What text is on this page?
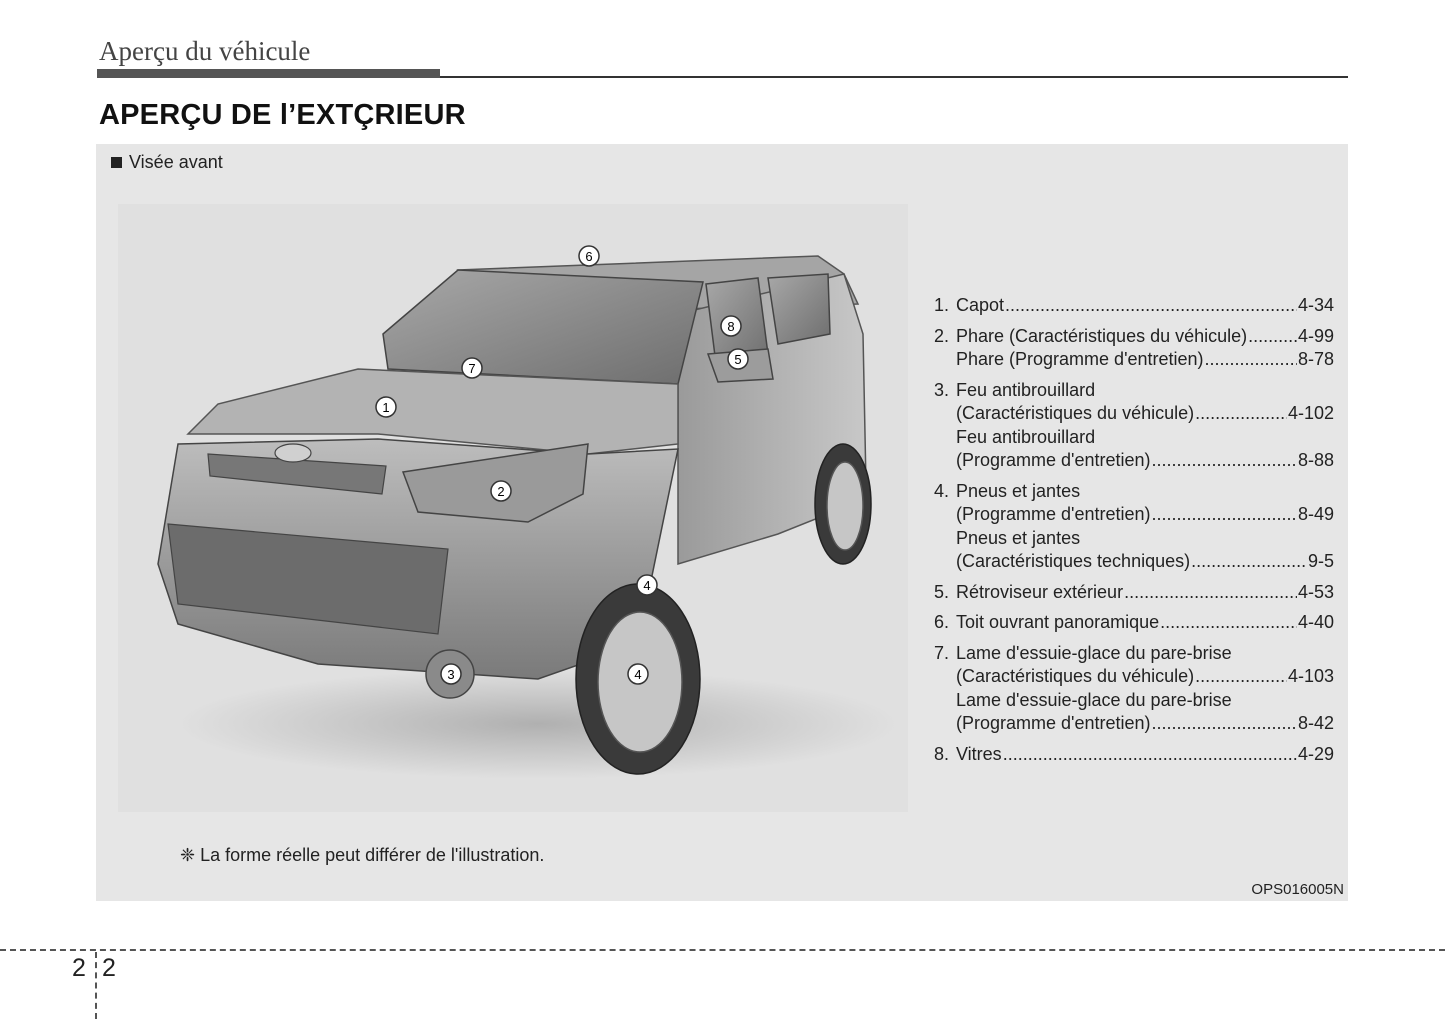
Aperçu du véhicule
APERÇU DE l’EXTÇRIEUR
Visée avant
1
2
3
4
4
5
6
7
8
1. Capot .....	4-34
2. Phare (Caractéristiques du véhicule) .....	4-99
Phare (Programme d'entretien) .....	8-78
3. Feu antibrouillard
(Caractéristiques du véhicule) .....	4-102
Feu antibrouillard
(Programme d'entretien) .....	8-88
4. Pneus et jantes
(Programme d'entretien) .....	8-49
Pneus et jantes
(Caractéristiques techniques) .....	9-5
5. Rétroviseur extérieur .....	4-53
6. Toit ouvrant panoramique .....	4-40
7. Lame d'essuie-glace du pare-brise
(Caractéristiques du véhicule) .....	4-103
Lame d'essuie-glace du pare-brise
(Programme d'entretien) .....	8-42
8. Vitres .....	4-29
❈ La forme réelle peut différer de l'illustration.
OPS016005N
2 2
